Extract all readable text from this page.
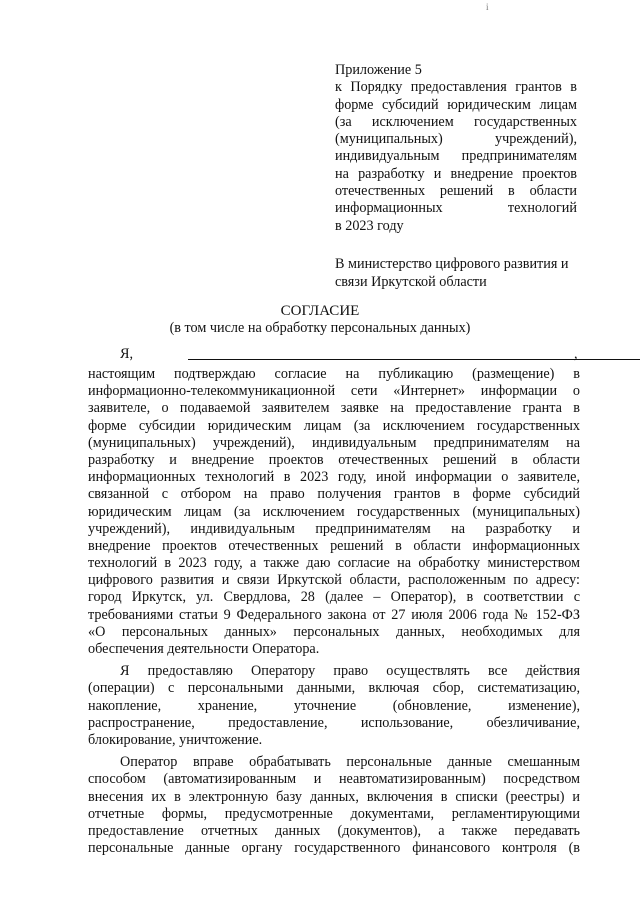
i
Приложение 5
к Порядку предоставления грантов в
форме субсидий юридическим лицам
(за исключением государственных
(муниципальных) учреждений),
индивидуальным предпринимателям
на разработку и внедрение проектов
отечественных решений в области
информационных технологий
в 2023 году
В министерство цифрового развития и
связи Иркутской области
СОГЛАСИЕ
(в том числе на обработку персональных данных)
Я,	,
настоящим подтверждаю согласие на публикацию (размещение) в
информационно-телекоммуникационной сети «Интернет» информации о
заявителе, о подаваемой заявителем заявке на предоставление гранта в
форме субсидии юридическим лицам (за исключением государственных
(муниципальных) учреждений), индивидуальным предпринимателям на
разработку и внедрение проектов отечественных решений в области
информационных технологий в 2023 году, иной информации о заявителе,
связанной с отбором на право получения грантов в форме субсидий
юридическим лицам (за исключением государственных (муниципальных)
учреждений), индивидуальным предпринимателям на разработку и
внедрение проектов отечественных решений в области информационных
технологий в 2023 году, а также даю согласие на обработку министерством
цифрового развития и связи Иркутской области, расположенным по адресу:
город Иркутск, ул. Свердлова, 28 (далее – Оператор), в соответствии с
требованиями статьи 9 Федерального закона от 27 июля 2006 года № 152-ФЗ
«О персональных данных» персональных данных, необходимых для
обеспечения деятельности Оператора.
Я предоставляю Оператору право осуществлять все действия
(операции) с персональными данными, включая сбор, систематизацию,
накопление, хранение, уточнение (обновление, изменение),
распространение, предоставление, использование, обезличивание,
блокирование, уничтожение.
Оператор вправе обрабатывать персональные данные смешанным
способом (автоматизированным и неавтоматизированным) посредством
внесения их в электронную базу данных, включения в списки (реестры) и
отчетные формы, предусмотренные документами, регламентирующими
предоставление отчетных данных (документов), а также передавать
персональные данные органу государственного финансового контроля (в
